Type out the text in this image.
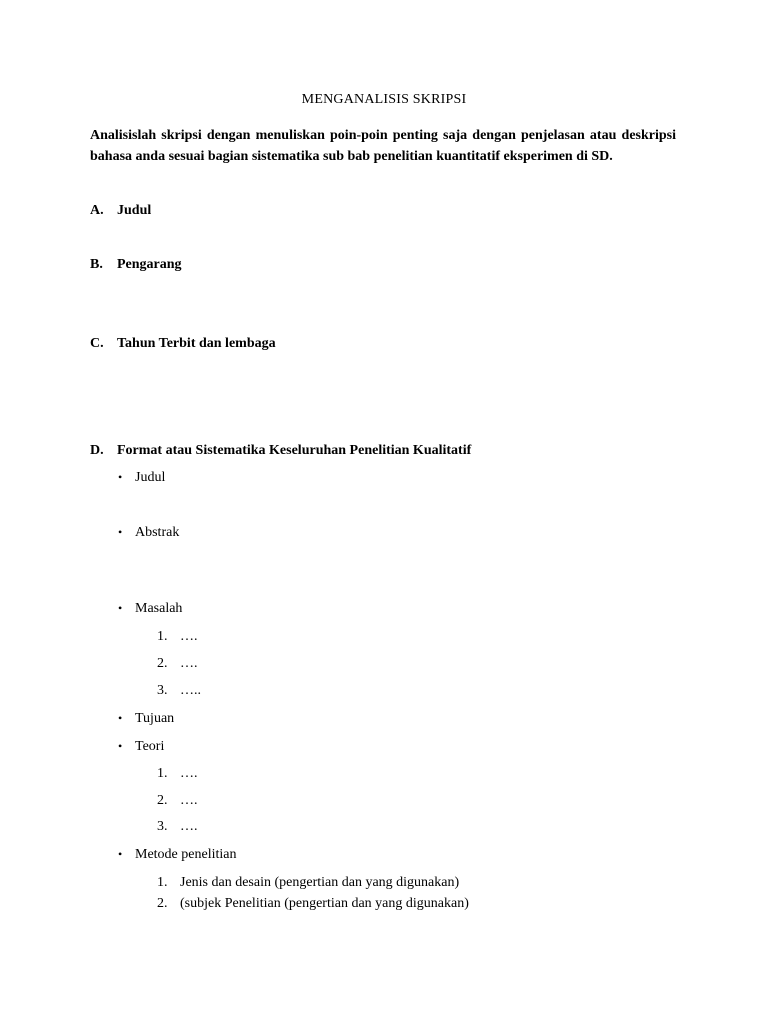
MENGANALISIS SKRIPSI
Analisislah skripsi dengan menuliskan poin-poin penting saja dengan penjelasan atau deskripsi bahasa anda sesuai bagian sistematika sub bab penelitian kuantitatif eksperimen di SD.
A. Judul
B. Pengarang
C. Tahun Terbit dan lembaga
D. Format atau Sistematika Keseluruhan Penelitian Kualitatif
• Judul
• Abstrak
• Masalah
1. ….
2. ….
3. …..
• Tujuan
• Teori
1. ….
2. ….
3. ….
• Metode penelitian
1. Jenis dan desain (pengertian dan yang digunakan)
2. (subjek Penelitian (pengertian dan yang digunakan)
